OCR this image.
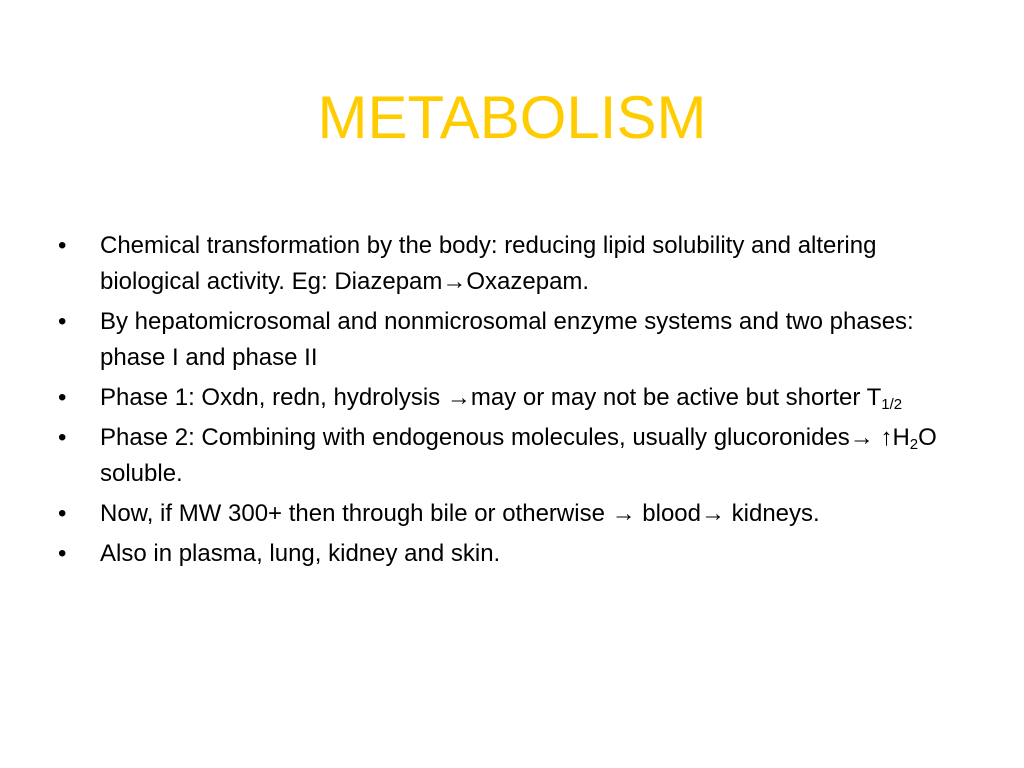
METABOLISM
•	Chemical transformation by the body: reducing lipid solubility and altering biological activity. Eg: Diazepam→Oxazepam.
•	By hepatomicrosomal and nonmicrosomal enzyme systems and two phases: phase I and phase II
•	Phase 1: Oxdn, redn, hydrolysis →may or may not be active but shorter $T_{1/2}$
•	Phase 2: Combining with endogenous molecules, usually glucoronides→ $↑H_2O$ soluble.
•	Now, if MW 300+ then through bile or otherwise → blood→ kidneys.
•	Also in plasma, lung, kidney and skin.
